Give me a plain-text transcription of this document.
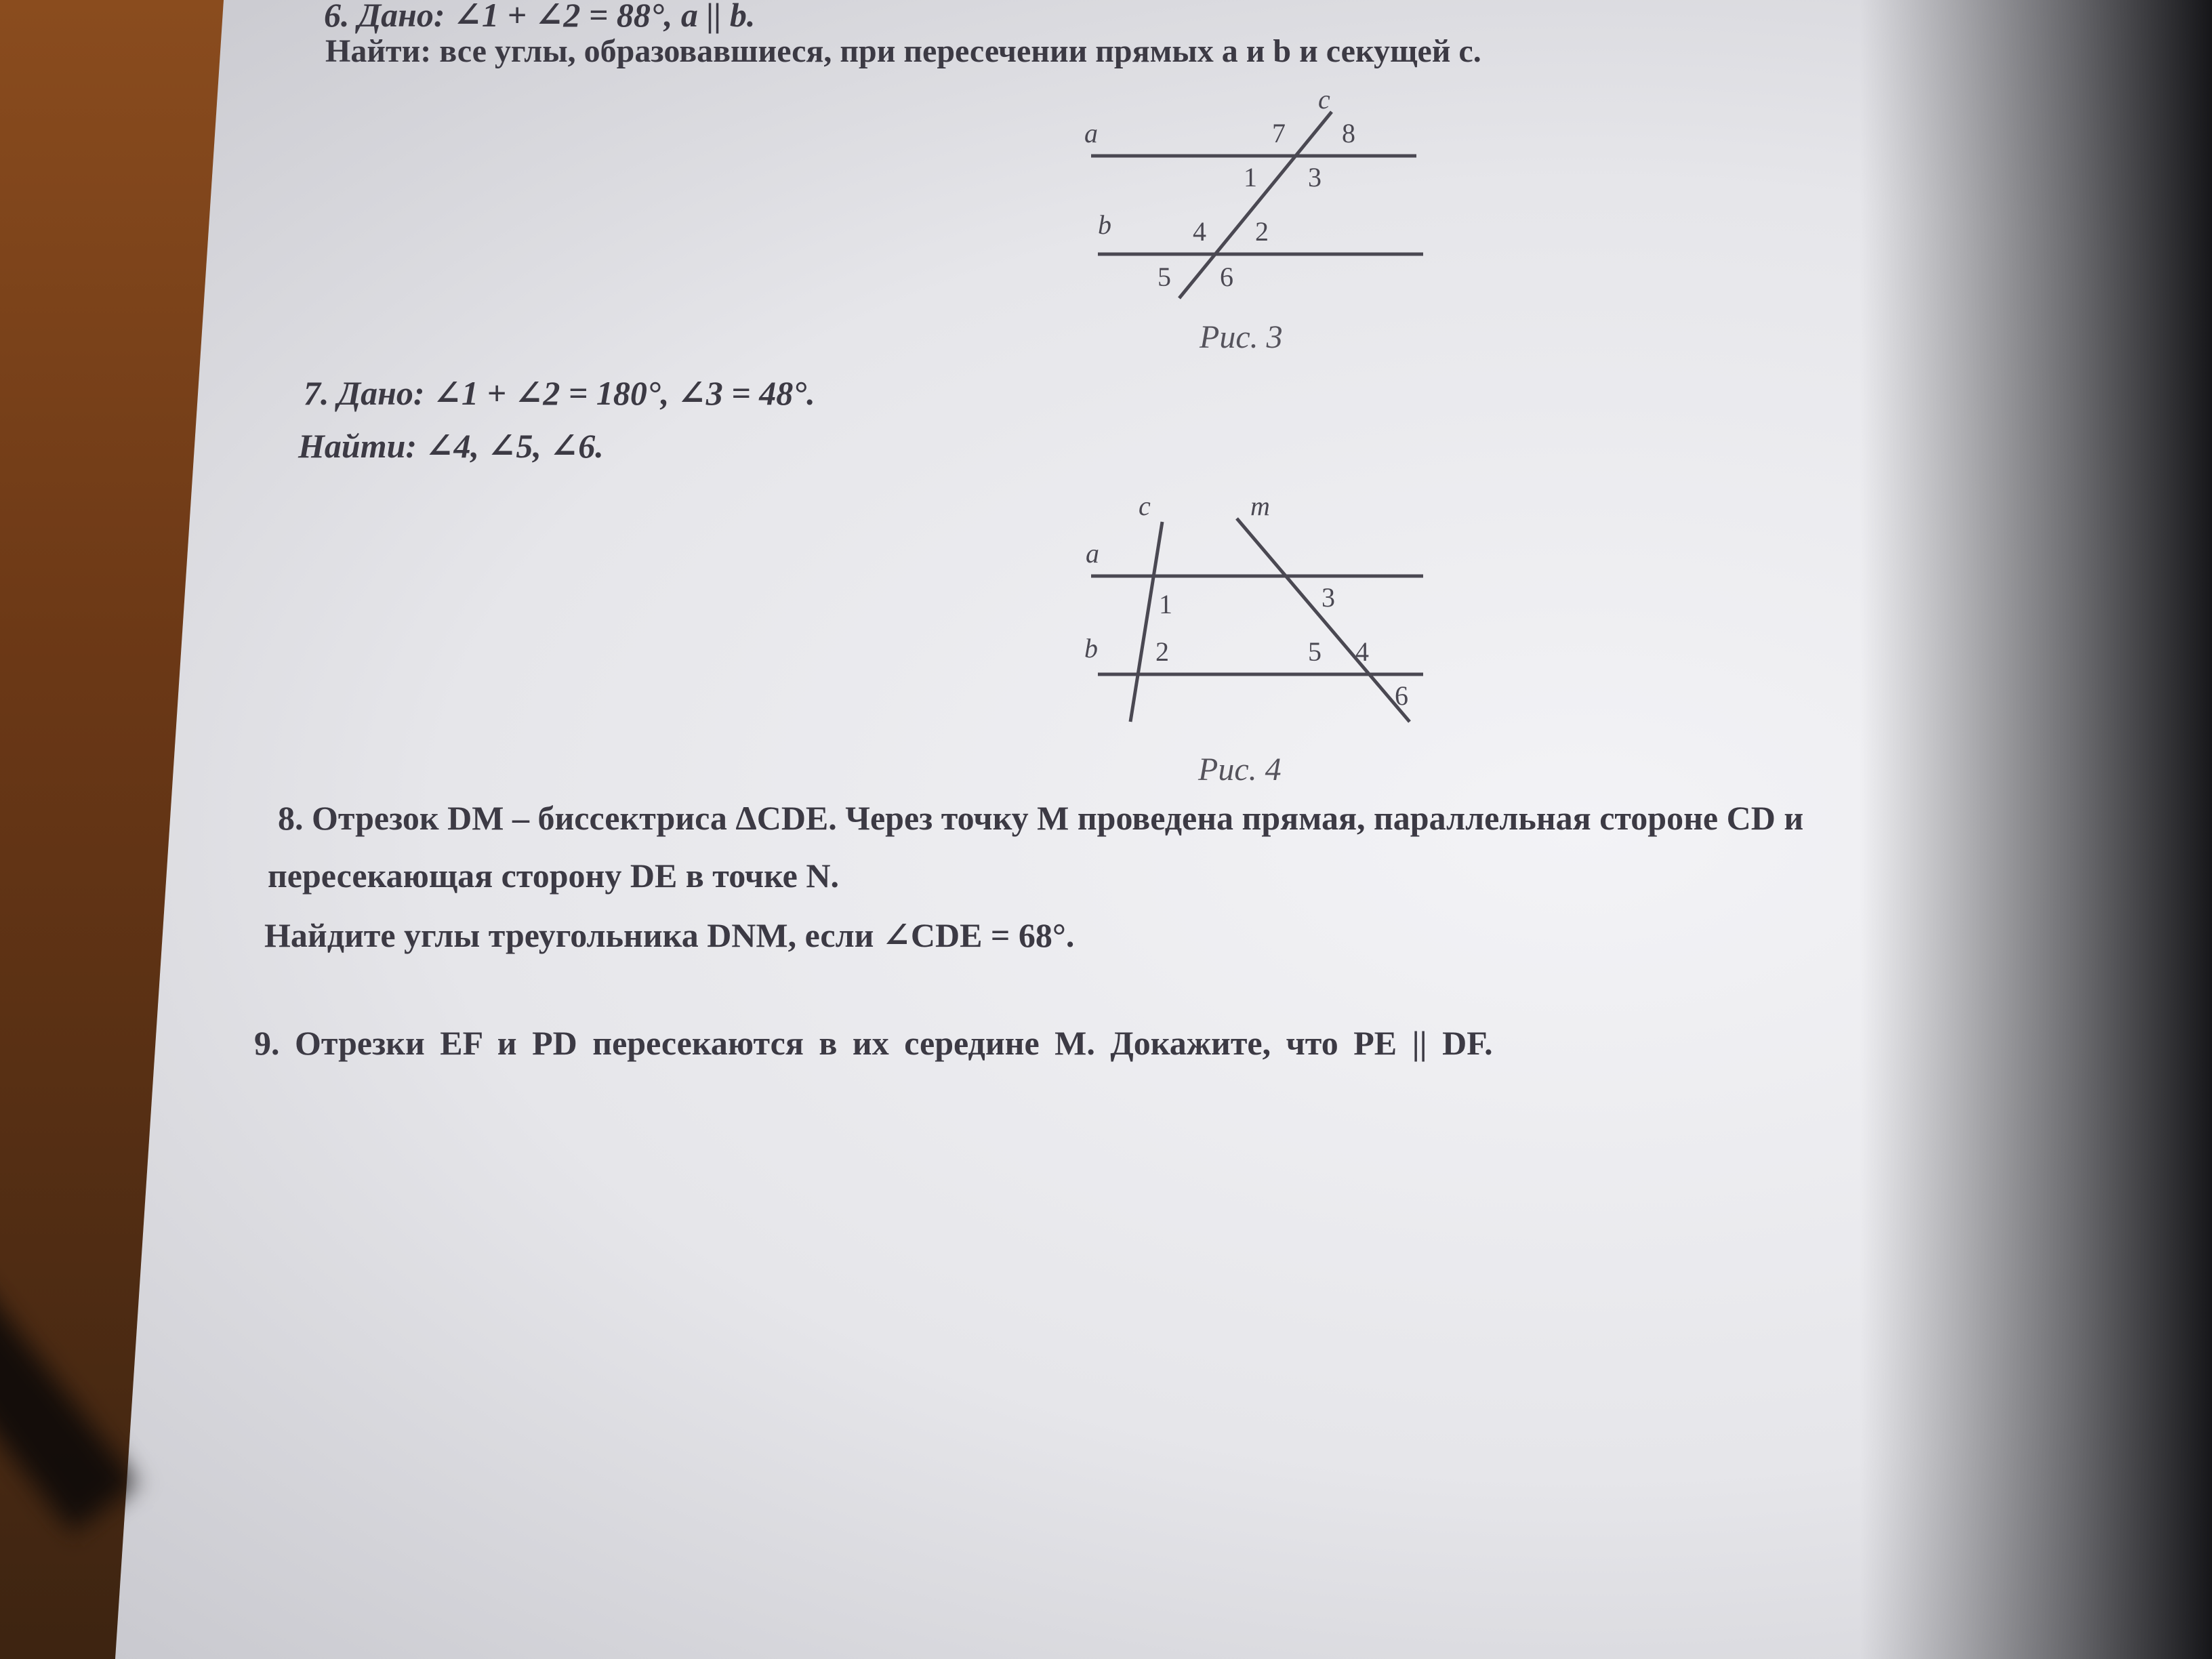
6. Дано: ∠1 + ∠2 = 88°, a || b.
Найти: все углы, образовавшиеся, при пересечении прямых a и b и секущей c.
a
b
c
7 8
1 3
4 2
5 6
Рис. 3
7. Дано: ∠1 + ∠2 = 180°, ∠3 = 48°.
Найти: ∠4, ∠5, ∠6.
a
b
c	m
1
2
3
5 4
6
Рис. 4
8. Отрезок DM – биссектриса ΔCDE. Через точку M проведена прямая, параллельная стороне CD и
пересекающая сторону DE в точке N.
Найдите углы треугольника DNM, если ∠CDE = 68°.
9. Отрезки EF и PD пересекаются в их середине M. Докажите, что PE || DF.
